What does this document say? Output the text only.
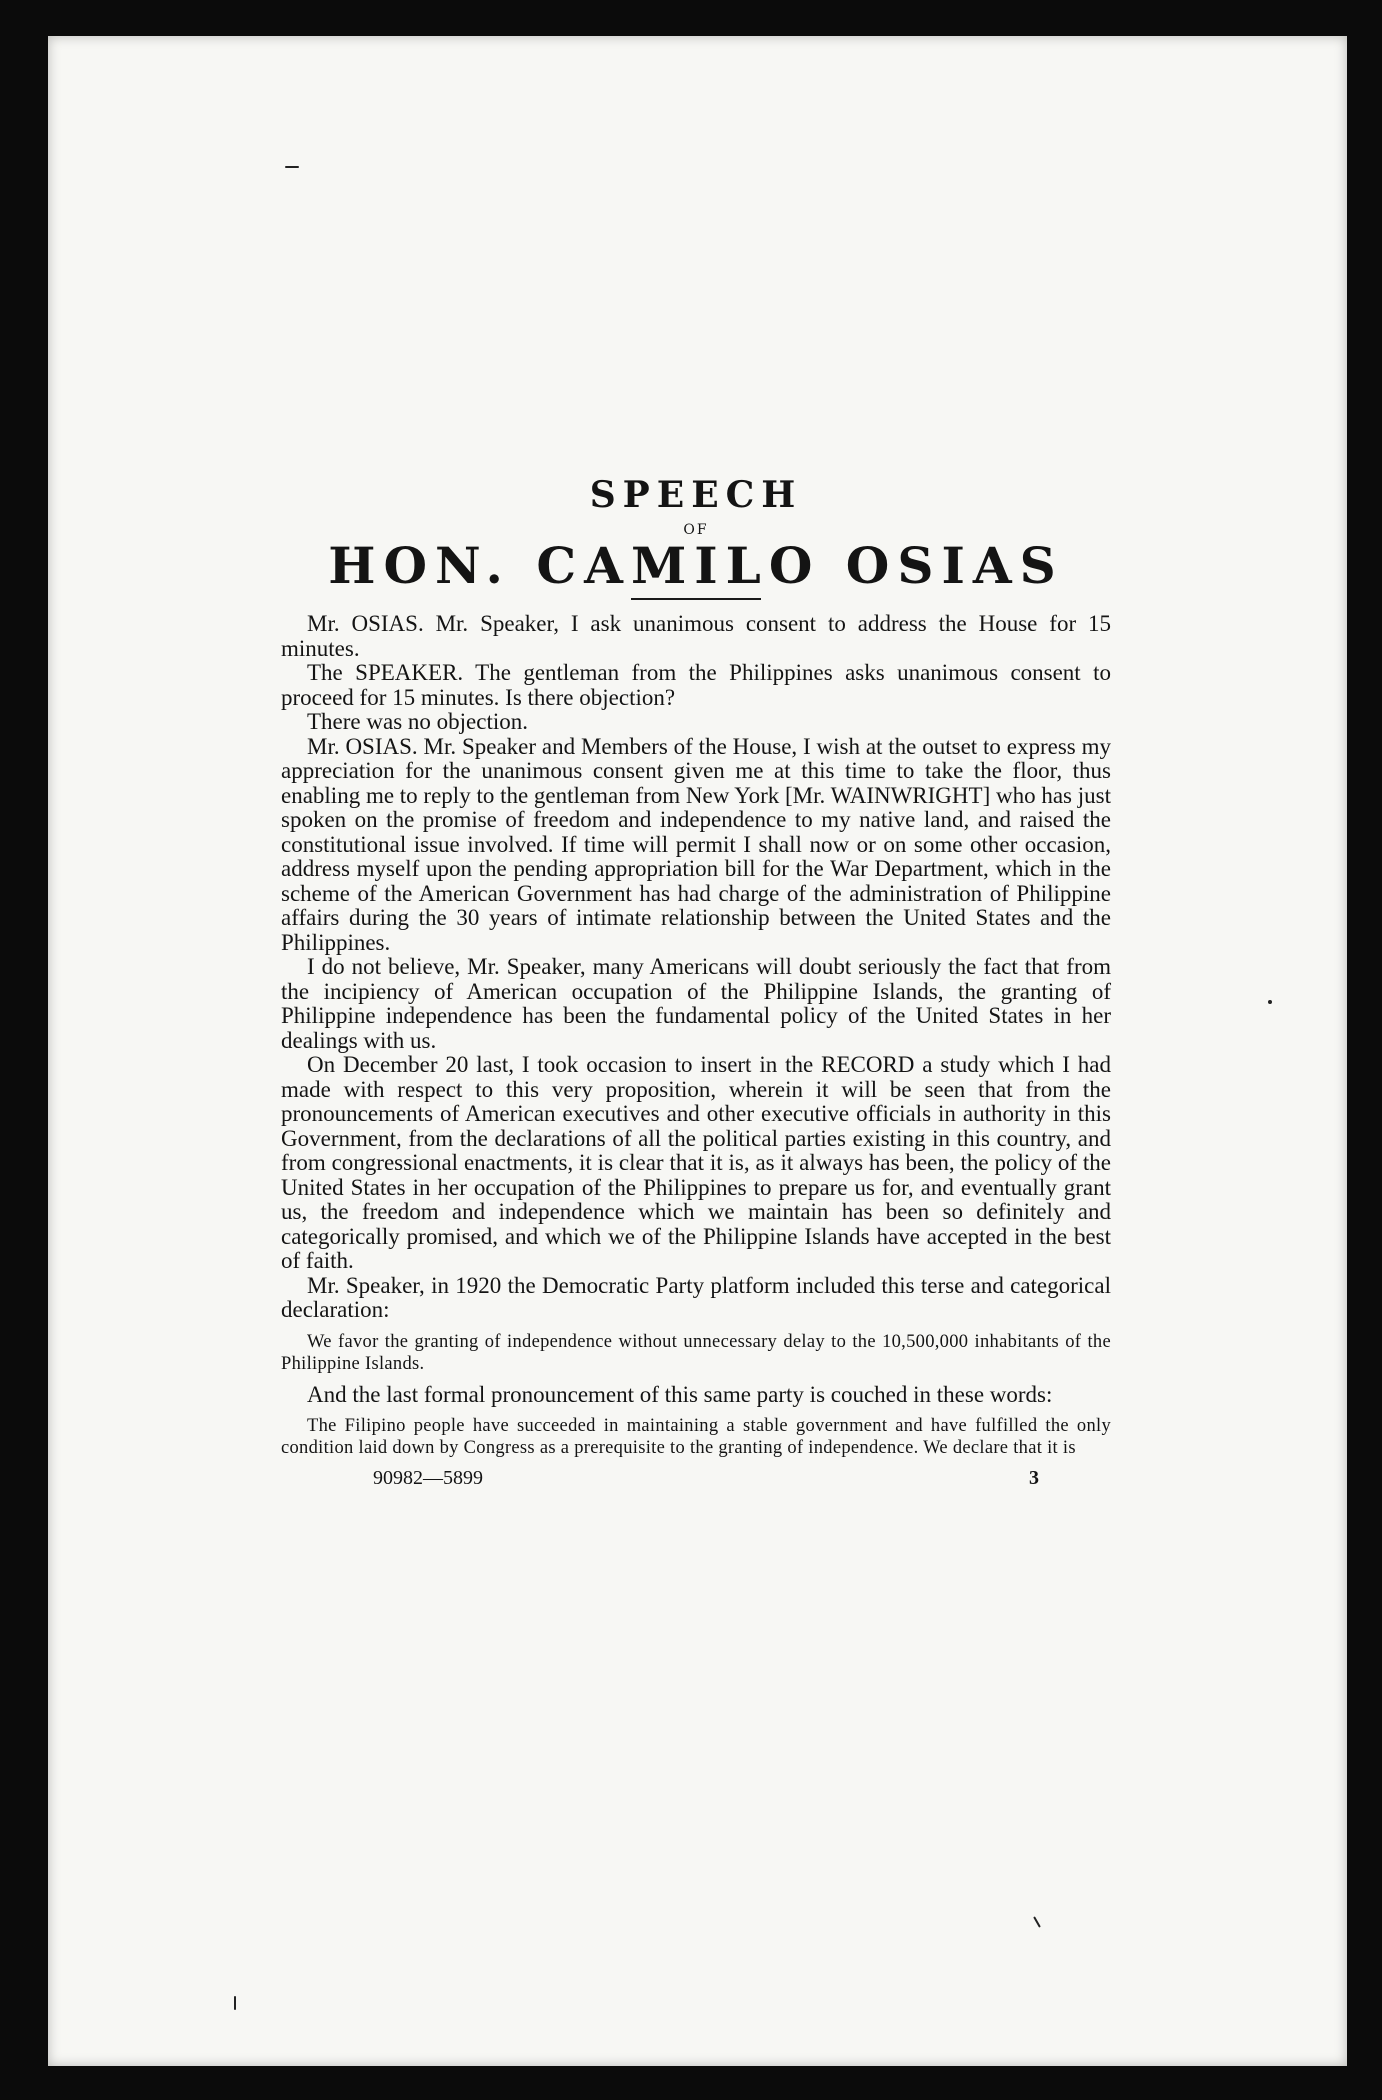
SPEECH
OF
HON. CAMILO OSIAS

Mr. OSIAS. Mr. Speaker, I ask unanimous consent to address the House for 15 minutes.

The SPEAKER. The gentleman from the Philippines asks unanimous consent to proceed for 15 minutes. Is there objection?

There was no objection.

Mr. OSIAS. Mr. Speaker and Members of the House, I wish at the outset to express my appreciation for the unanimous consent given me at this time to take the floor, thus enabling me to reply to the gentleman from New York [Mr. WAINWRIGHT] who has just spoken on the promise of freedom and independence to my native land, and raised the constitutional issue involved. If time will permit I shall now or on some other occasion, address myself upon the pending appropriation bill for the War Department, which in the scheme of the American Government has had charge of the administration of Philippine affairs during the 30 years of intimate relationship between the United States and the Philippines.

I do not believe, Mr. Speaker, many Americans will doubt seriously the fact that from the incipiency of American occupation of the Philippine Islands, the granting of Philippine independence has been the fundamental policy of the United States in her dealings with us.

On December 20 last, I took occasion to insert in the RECORD a study which I had made with respect to this very proposition, wherein it will be seen that from the pronouncements of American executives and other executive officials in authority in this Government, from the declarations of all the political parties existing in this country, and from congressional enactments, it is clear that it is, as it always has been, the policy of the United States in her occupation of the Philippines to prepare us for, and eventually grant us, the freedom and independence which we maintain has been so definitely and categorically promised, and which we of the Philippine Islands have accepted in the best of faith.

Mr. Speaker, in 1920 the Democratic Party platform included this terse and categorical declaration:

We favor the granting of independence without unnecessary delay to the 10,500,000 inhabitants of the Philippine Islands.

And the last formal pronouncement of this same party is couched in these words:

The Filipino people have succeeded in maintaining a stable government and have fulfilled the only condition laid down by Congress as a prerequisite to the granting of independence. We declare that it is

90982—5899	3
